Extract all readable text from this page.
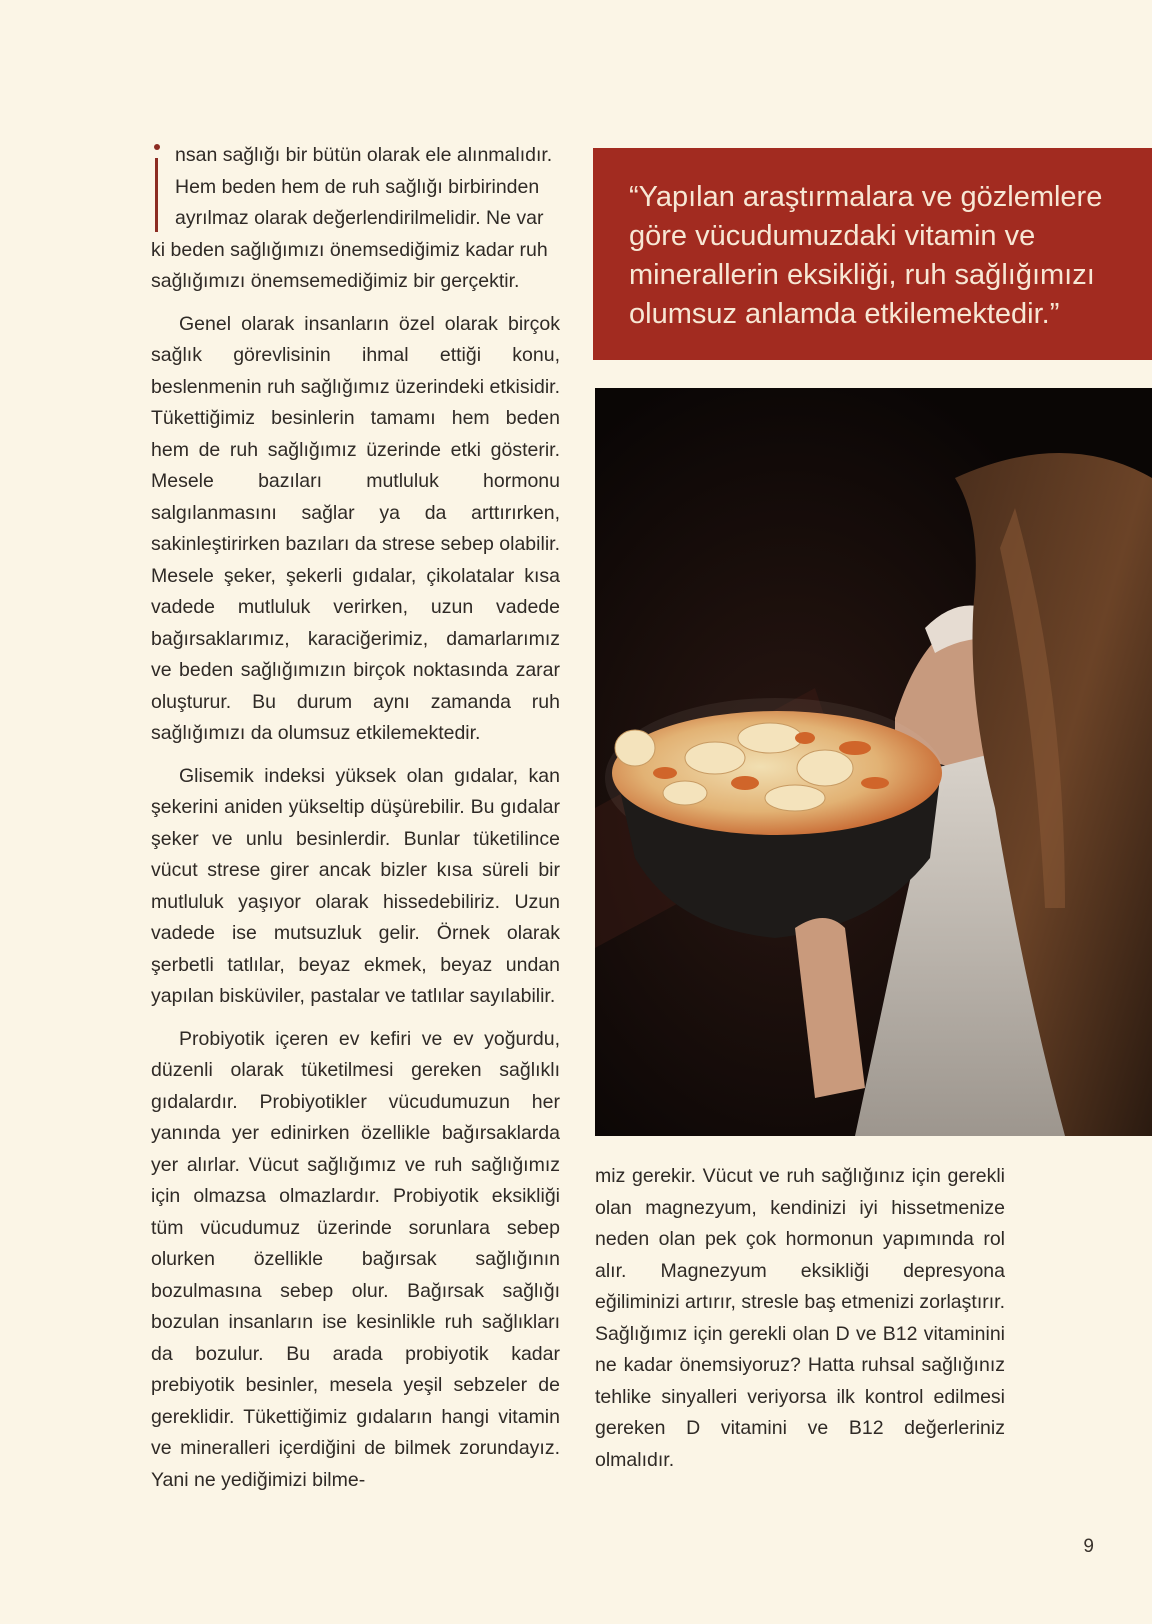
nsan sağlığı bir bütün olarak ele alınmalıdır. Hem beden hem de ruh sağlığı birbirinden ayrılmaz olarak değerlendirilmelidir. Ne var ki beden sağlığımızı önemsediğimiz kadar ruh sağlığımızı önemsemediğimiz bir gerçektir.

Genel olarak insanların özel olarak birçok sağlık görevlisinin ihmal ettiği konu, beslenmenin ruh sağlığımız üzerindeki etkisidir. Tükettiğimiz besinlerin tamamı hem beden hem de ruh sağlığımız üzerinde etki gösterir. Mesele bazıları mutluluk hormonu salgılanmasını sağlar ya da arttırırken, sakinleştirirken bazıları da strese sebep olabilir. Mesele şeker, şekerli gıdalar, çikolatalar kısa vadede mutluluk verirken, uzun vadede bağırsaklarımız, karaciğerimiz, damarlarımız ve beden sağlığımızın birçok noktasında zarar oluşturur. Bu durum aynı zamanda ruh sağlığımızı da olumsuz etkilemektedir.

Glisemik indeksi yüksek olan gıdalar, kan şekerini aniden yükseltip düşürebilir. Bu gıdalar şeker ve unlu besinlerdir. Bunlar tüketilince vücut strese girer ancak bizler kısa süreli bir mutluluk yaşıyor olarak hissedebiliriz. Uzun vadede ise mutsuzluk gelir. Örnek olarak şerbetli tatlılar, beyaz ekmek, beyaz undan yapılan bisküviler, pastalar ve tatlılar sayılabilir.

Probiyotik içeren ev kefiri ve ev yoğurdu, düzenli olarak tüketilmesi gereken sağlıklı gıdalardır. Probiyotikler vücudumuzun her yanında yer edinirken özellikle bağırsaklarda yer alırlar. Vücut sağlığımız ve ruh sağlığımız için olmazsa olmazlardır. Probiyotik eksikliği tüm vücudumuz üzerinde sorunlara sebep olurken özellikle bağırsak sağlığının bozulmasına sebep olur. Bağırsak sağlığı bozulan insanların ise kesinlikle ruh sağlıkları da bozulur. Bu arada probiyotik kadar prebiyotik besinler, mesela yeşil sebzeler de gereklidir. Tükettiğimiz gıdaların hangi vitamin ve mineralleri içerdiğini de bilmek zorundayız. Yani ne yediğimizi bilme-

“Yapılan araştırmalara ve gözlemlere göre vücudumuzdaki vitamin ve minerallerin eksikliği, ruh sağlığımızı olumsuz anlamda etkilemektedir.”

miz gerekir. Vücut ve ruh sağlığınız için gerekli olan magnezyum, kendinizi iyi hissetmenize neden olan pek çok hormonun yapımında rol alır. Magnezyum eksikliği depresyona eğiliminizi artırır, stresle baş etmenizi zorlaştırır. Sağlığımız için gerekli olan D ve B12 vitaminini ne kadar önemsiyoruz? Hatta ruhsal sağlığınız tehlike sinyalleri veriyorsa ilk kontrol edilmesi gereken D vitamini ve B12 değerleriniz olmalıdır.

9
